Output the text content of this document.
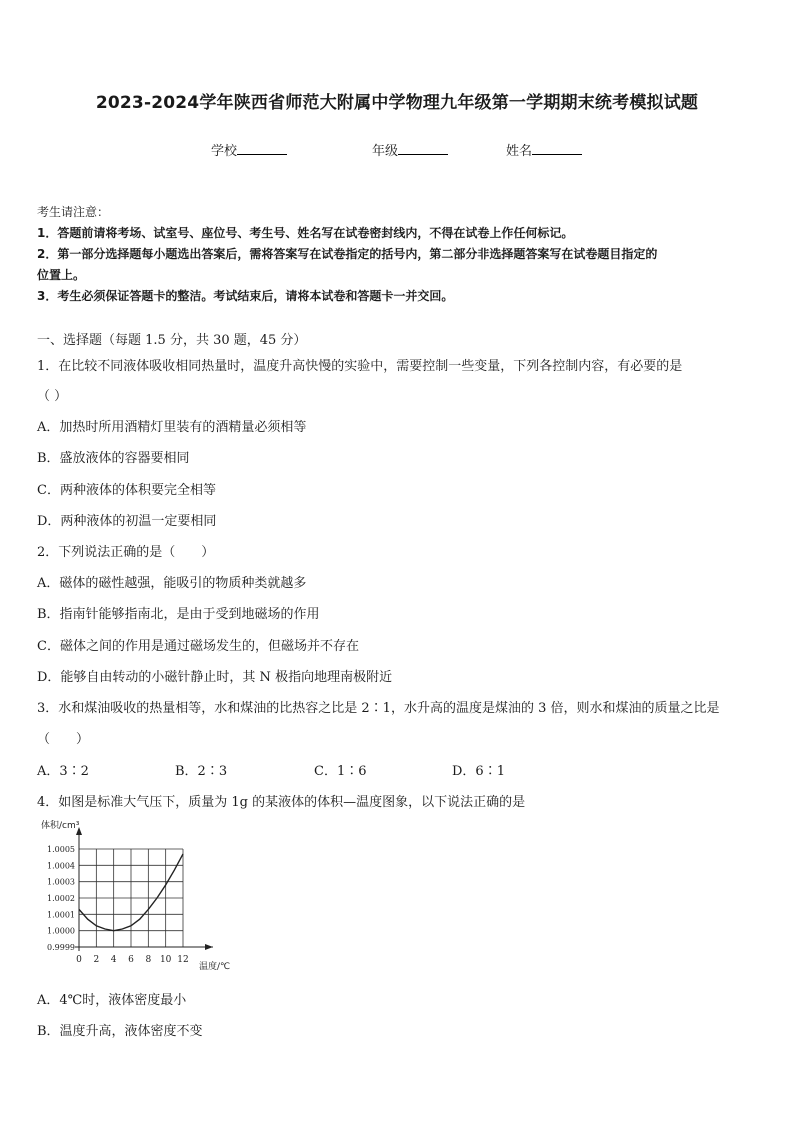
2023-2024学年陕西省师范大附属中学物理九年级第一学期期末统考模拟试题
学校	年级	姓名
考生请注意：
1．答题前请将考场、试室号、座位号、考生号、姓名写在试卷密封线内，不得在试卷上作任何标记。
2．第一部分选择题每小题选出答案后，需将答案写在试卷指定的括号内，第二部分非选择题答案写在试卷题目指定的
位置上。
3．考生必须保证答题卡的整洁。考试结束后，请将本试卷和答题卡一并交回。
一、选择题（每题 1.5 分，共 30 题，45 分）
1．在比较不同液体吸收相同热量时，温度升高快慢的实验中，需要控制一些变量，下列各控制内容，有必要的是
（ ）
A．加热时所用酒精灯里装有的酒精量必须相等
B．盛放液体的容器要相同
C．两种液体的体积要完全相等
D．两种液体的初温一定要相同
2．下列说法正确的是（　　）
A．磁体的磁性越强，能吸引的物质种类就越多
B．指南针能够指南北，是由于受到地磁场的作用
C．磁体之间的作用是通过磁场发生的，但磁场并不存在
D．能够自由转动的小磁针静止时，其 N 极指向地理南极附近
3．水和煤油吸收的热量相等，水和煤油的比热容之比是 2∶1，水升高的温度是煤油的 3 倍，则水和煤油的质量之比是
（　　）
A．3∶2	B．2∶3	C．1∶6	D．6∶1
4．如图是标准大气压下，质量为 1g 的某液体的体积—温度图象，以下说法正确的是
0 2 4 6 8 10 12
0.9999
1.0000
1.0001
1.0002
1.0003
1.0004
1.0005
体积/cm³
温度/℃
A．4℃时，液体密度最小
B．温度升高，液体密度不变
